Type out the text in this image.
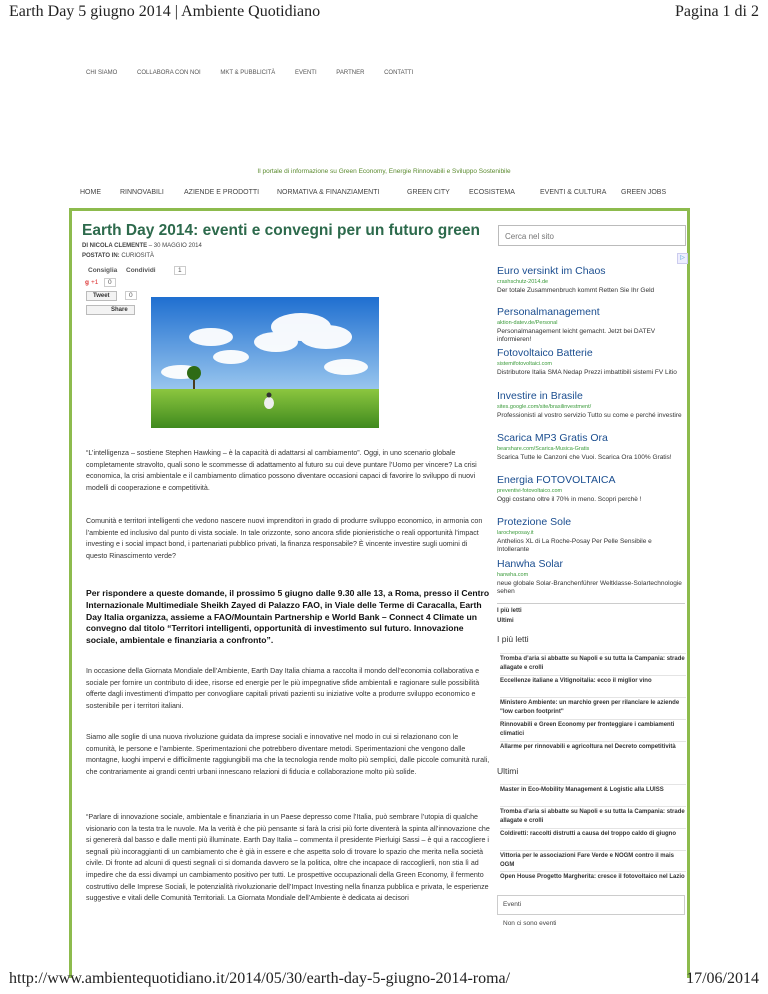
Earth Day 5 giugno 2014 | Ambiente Quotidiano	Pagina 1 di 2
CHI SIAMO	COLLABORA CON NOI	MKT & PUBBLICITÀ	EVENTI	PARTNER	CONTATTI
Il portale di informazione su Green Economy, Energie Rinnovabili e Sviluppo Sostenibile
HOME	RINNOVABILI	AZIENDE E PRODOTTI	NORMATIVA & FINANZIAMENTI	GREEN CITY	ECOSISTEMA	EVENTI & CULTURA GREEN JOBS
Earth Day 2014: eventi e convegni per un futuro green
DI NICOLA CLEMENTE – 30 MAGGIO 2014
POSTATO IN: CURIOSITÀ
Consiglia Condividi	1
g +1	0
Tweet	0
Share
“L’intelligenza – sostiene Stephen Hawking – è la capacità di adattarsi al cambiamento”. Oggi, in uno scenario globale completamente stravolto, quali sono le scommesse di adattamento al futuro su cui deve puntare l’Uomo per vincere? La crisi economica, la crisi ambientale e il cambiamento climatico possono diventare occasioni capaci di favorire lo sviluppo di nuovi modelli di cooperazione e competitività.
Comunità e territori intelligenti che vedono nascere nuovi imprenditori in grado di produrre sviluppo economico, in armonia con l’ambiente ed inclusivo dal punto di vista sociale. In tale orizzonte, sono ancora sfide pionieristiche o reali opportunità l’impact investing e i social impact bond, i partenariati pubblico privati, la finanza responsabile? È vincente investire sugli uomini di questo Rinascimento verde?
Per rispondere a queste domande, il prossimo 5 giugno dalle 9.30 alle 13, a Roma, presso il Centro Internazionale Multimediale Sheikh Zayed di Palazzo FAO, in Viale delle Terme di Caracalla, Earth Day Italia organizza, assieme a FAO/Mountain Partnership e World Bank – Connect 4 Climate un convegno dal titolo “Territori intelligenti, opportunità di investimento sul futuro. Innovazione sociale, ambientale e finanziaria a confronto”.
In occasione della Giornata Mondiale dell’Ambiente, Earth Day Italia chiama a raccolta il mondo dell’economia collaborativa e sociale per fornire un contributo di idee, risorse ed energie per le più impegnative sfide ambientali e ragionare sulle possibilità offerte dagli investimenti d’impatto per convogliare capitali privati pazienti su iniziative volte a produrre sviluppo economico e sostenibile per i territori italiani.
Siamo alle soglie di una nuova rivoluzione guidata da imprese sociali e innovative nel modo in cui si relazionano con le comunità, le persone e l’ambiente. Sperimentazioni che potrebbero diventare metodi. Sperimentazioni che vengono dalle montagne, luoghi impervi e difficilmente raggiungibili ma che la tecnologia rende molto più semplici, dalle piccole comunità rurali, che contrariamente ai grandi centri urbani innescano relazioni di fiducia e collaborazione molto più solide.
“Parlare di innovazione sociale, ambientale e finanziaria in un Paese depresso come l’Italia, può sembrare l’utopia di qualche visionario con la testa tra le nuvole. Ma la verità è che più pensante si farà la crisi più forte diventerà la spinta all’innovazione che si genererà dal basso e dalle menti più illuminate. Earth Day Italia – commenta il presidente Pierluigi Sassi – è qui a raccogliere i segnali più incoraggianti di un cambiamento che è già in essere e che aspetta solo di trovare lo spazio che merita nella società civile. Di fronte ad alcuni di questi segnali ci si domanda davvero se la politica, oltre che incapace di raccoglierli, non stia lì ad impedire che da essi divampi un cambiamento positivo per tutti. Le prospettive occupazionali della Green Economy, il fermento costruttivo delle Imprese Sociali, le potenzialità rivoluzionarie dell’Impact Investing nella finanza pubblica e privata, le esperienze suggestive e vitali delle Comunità Territoriali. La Giornata Mondiale dell’Ambiente è dedicata ai decisori
Cerca nel sito
▷
Euro versinkt im Chaos
crashschutz-2014.de
Der totale Zusammenbruch kommt Retten Sie Ihr Geld
Personalmanagement
aktion-datev.de/Personal
Personalmanagement leicht gemacht. Jetzt bei DATEV informieren!
Fotovoltaico Batterie
sistemifotovoltaici.com
Distributore Italia SMA Nedap Prezzi imbattibili sistemi FV Litio
Investire in Brasile
sites.google.com/site/brasilinvestment/
Professionisti al vostro servizio Tutto su come e perché investire
Scarica MP3 Gratis Ora
bearshare.com/Scarica-Musica-Gratis
Scarica Tutte le Canzoni che Vuoi. Scarica Ora 100% Gratis!
Energia FOTOVOLTAICA
preventivi-fotovoltaico.com
Oggi costano oltre il 70% in meno. Scopri perchè !
Protezione Sole
larocheposay.it
Anthelios XL di La Roche-Posay Per Pelle Sensibile e Intollerante
Hanwha Solar
hanwha.com
neue globale Solar-Branchenführer Weltklasse-Solartechnologie sehen
I più letti
Ultimi
I più letti
Tromba d’aria si abbatte su Napoli e su tutta la Campania: strade allagate e crolli
Eccellenze italiane a Vitignoitalia: ecco il miglior vino
Ministero Ambiente: un marchio green per rilanciare le aziende "low carbon footprint"
Rinnovabili e Green Economy per fronteggiare i cambiamenti climatici
Allarme per rinnovabili e agricoltura nel Decreto competitività
Ultimi
Master in Eco-Mobility Management & Logistic alla LUISS
Tromba d’aria si abbatte su Napoli e su tutta la Campania: strade allagate e crolli
Coldiretti: raccolti distrutti a causa del troppo caldo di giugno
Vittoria per le associazioni Fare Verde e NOGM contro il mais OGM
Open House Progetto Margherita: cresce il fotovoltaico nel Lazio
Eventi
Non ci sono eventi
http://www.ambientequotidiano.it/2014/05/30/earth-day-5-giugno-2014-roma/	17/06/2014
